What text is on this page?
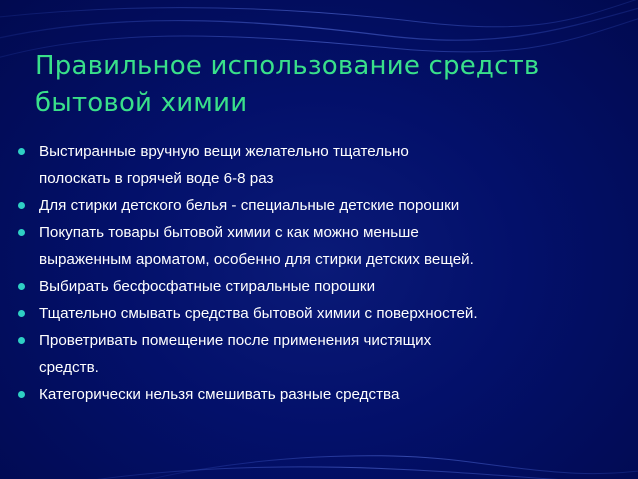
Правильное использование средств
бытовой химии
Выстиранные вручную вещи желательно тщательно
полоскать в горячей воде 6-8 раз
Для стирки детского белья - специальные детские порошки
Покупать товары бытовой химии с как можно меньше
выраженным ароматом, особенно для стирки детских вещей.
Выбирать бесфосфатные стиральные порошки
Тщательно смывать средства бытовой химии с поверхностей.
Проветривать помещение после применения чистящих
средств.
Категорически нельзя смешивать разные средства
